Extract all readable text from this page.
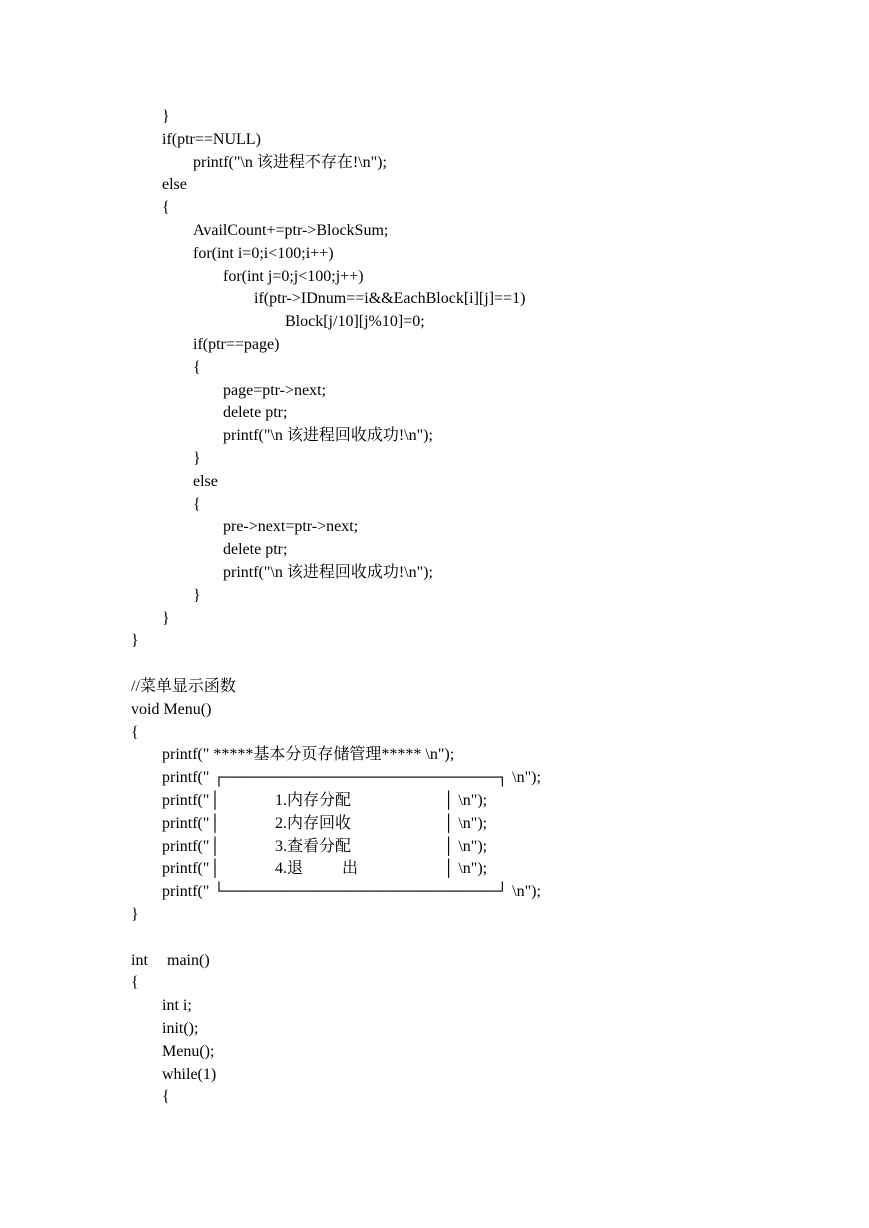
}
if(ptr==NULL)
printf("\n 该进程不存在!\n");
else
{
AvailCount+=ptr->BlockSum;
for(int i=0;i<100;i++)
for(int j=0;j<100;j++)
if(ptr->IDnum==i&&EachBlock[i][j]==1)
Block[j/10][j%10]=0;
if(ptr==page)
{
page=ptr->next;
delete ptr;
printf("\n 该进程回收成功!\n");
}
else
{
pre->next=ptr->next;
delete ptr;
printf("\n 该进程回收成功!\n");
}
}
}
//菜单显示函数
void Menu()
{
printf(" *****基本分页存储管理***** \n");
printf(" ┌────────────────────────┐ \n");
printf("│	1.内存分配	│ \n");
printf("│	2.内存回收	│ \n");
printf("│	3.查看分配	│ \n");
printf("│	4.退 出	│ \n");
printf(" └────────────────────────┘ \n");
}
int main()
{
int i;
init();
Menu();
while(1)
{
